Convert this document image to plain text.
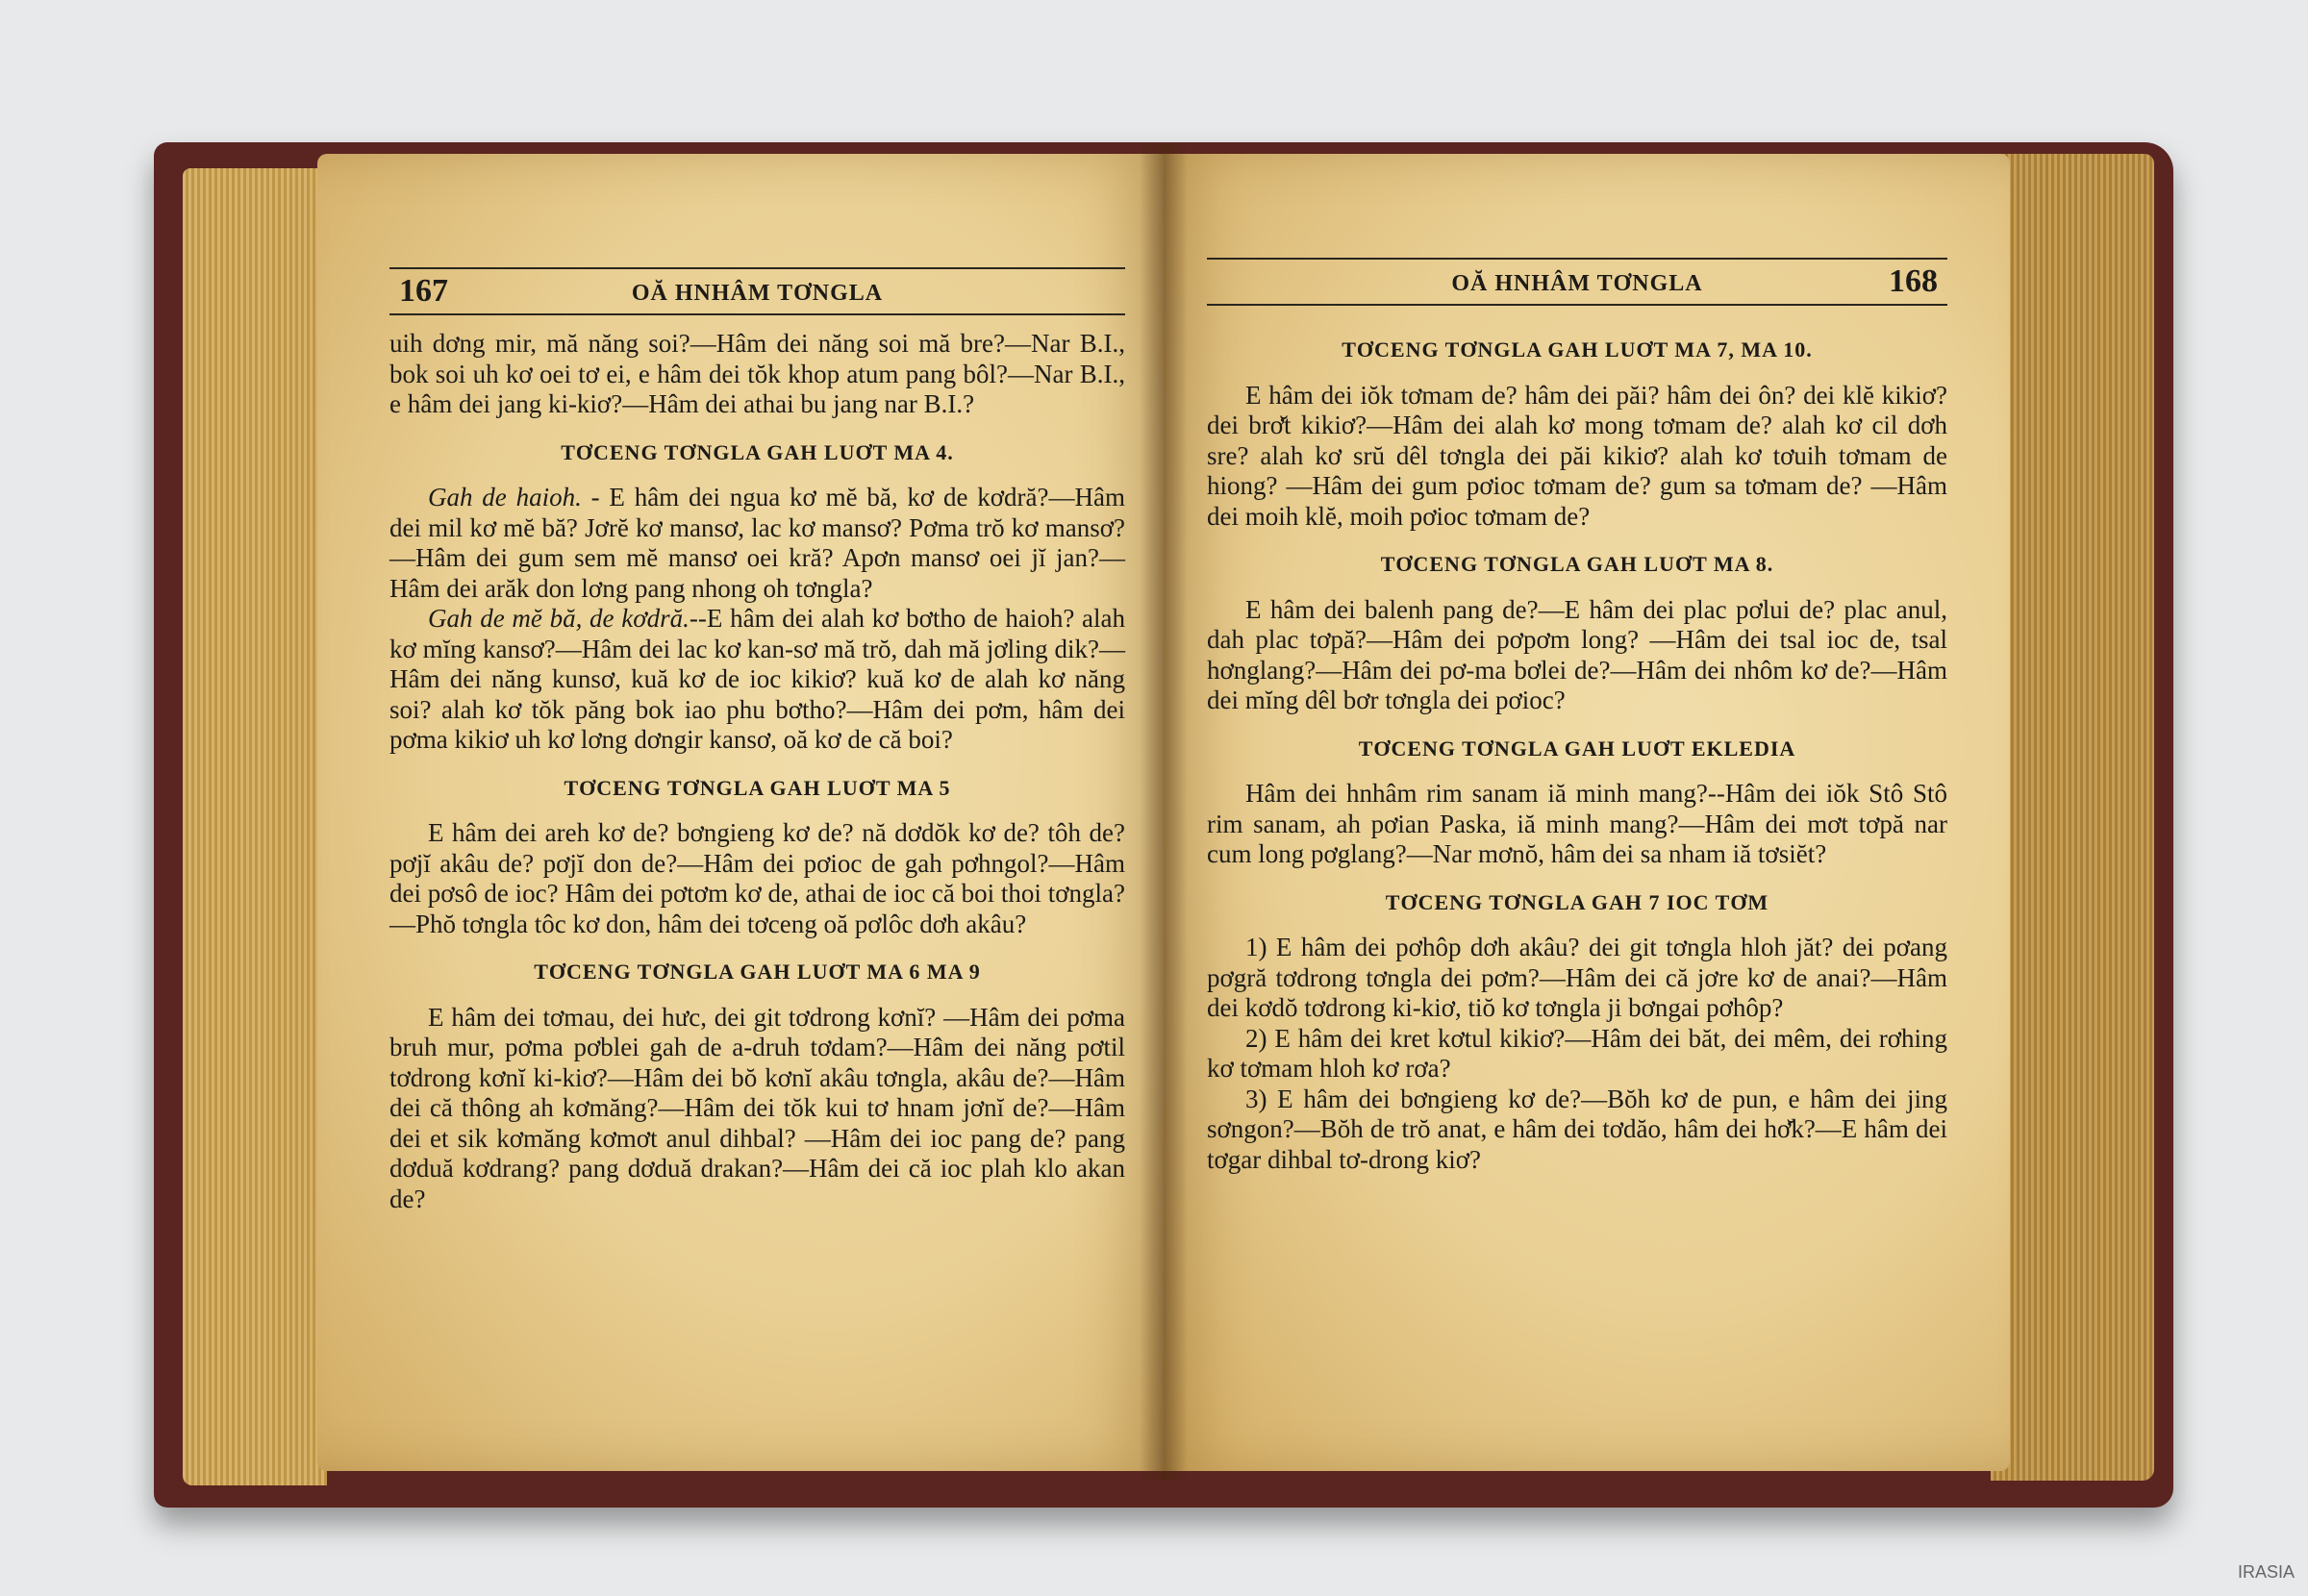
167	OĂ HNHÂM TƠNGLA

uih dơng mir, mă năng soi?—Hâm dei năng soi mă bre?—Nar B.I., bok soi uh kơ oei tơ ei, e hâm dei tŏk khop atum pang bôl?—Nar B.I., e hâm dei jang ki-kiơ?—Hâm dei athai bu jang nar B.I.?

TƠCENG TƠNGLA GAH LUƠT MA 4.

Gah de haioh. - E hâm dei ngua kơ mĕ bă, kơ de kơdră?—Hâm dei mil kơ mĕ bă? Jơrĕ kơ mansơ, lac kơ mansơ? Pơma trŏ kơ mansơ?—Hâm dei gum sem mĕ mansơ oei kră? Apơn mansơ oei jĭ jan?—Hâm dei arăk don lơng pang nhong oh tơngla?

Gah de mĕ bă, de kơdră.--E hâm dei alah kơ bơtho de haioh? alah kơ mĭng kansơ?—Hâm dei lac kơ kan-sơ mă trŏ, dah mă jơling dik?—Hâm dei năng kunsơ, kuă kơ de ioc kikiơ? kuă kơ de alah kơ năng soi? alah kơ tŏk păng bok iao phu bơtho?—Hâm dei pơm, hâm dei pơma kikiơ uh kơ lơng dơngir kansơ, oă kơ de că boi?

TƠCENG TƠNGLA GAH LUƠT MA 5

E hâm dei areh kơ de? bơngieng kơ de? nă dơdŏk kơ de? tôh de? pơjĭ akâu de? pơjĭ don de?—Hâm dei pơioc de gah pơhngol?—Hâm dei pơsô de ioc? Hâm dei pơtơm kơ de, athai de ioc că boi thoi tơngla? —Phŏ tơngla tôc kơ don, hâm dei tơceng oă pơlôc dơh akâu?

TƠCENG TƠNGLA GAH LUƠT MA 6 MA 9

E hâm dei tơmau, dei hưc, dei git tơdrong kơnĭ? —Hâm dei pơma bruh mur, pơma pơblei gah de a-druh tơdam?—Hâm dei năng pơtil tơdrong kơnĭ ki-kiơ?—Hâm dei bŏ kơnĭ akâu tơngla, akâu de?—Hâm dei că thông ah kơmăng?—Hâm dei tŏk kui tơ hnam jơnĭ de?—Hâm dei et sik kơmăng kơmơt anul dihbal? —Hâm dei ioc pang de? pang dơduă kơdrang? pang dơduă drakan?—Hâm dei că ioc plah klo akan de?

OĂ HNHÂM TƠNGLA	168
TƠCENG TƠNGLA GAH LUƠT MA 7, MA 10.

E hâm dei iŏk tơmam de? hâm dei păi? hâm dei ôn? dei klĕ kikiơ? dei brơ̆t kikiơ?—Hâm dei alah kơ mong tơmam de? alah kơ cil dơh sre? alah kơ srŭ dêl tơngla dei păi kikiơ? alah kơ tơuih tơmam de hiong? —Hâm dei gum pơioc tơmam de? gum sa tơmam de? —Hâm dei moih klĕ, moih pơioc tơmam de?

TƠCENG TƠNGLA GAH LUƠT MA 8.

E hâm dei balenh pang de?—E hâm dei plac pơlui de? plac anul, dah plac tơpă?—Hâm dei pơpơm long? —Hâm dei tsal ioc de, tsal hơnglang?—Hâm dei pơ-ma bơlei de?—Hâm dei nhôm kơ de?—Hâm dei mĭng dêl bơr tơngla dei pơioc?

TƠCENG TƠNGLA GAH LUƠT EKLEDIA

Hâm dei hnhâm rim sanam iă minh mang?--Hâm dei iŏk Stô Stô rim sanam, ah pơian Paska, iă minh mang?—Hâm dei mơt tơpă nar cum long pơglang?—Nar mơnŏ, hâm dei sa nham iă tơsiĕt?

TƠCENG TƠNGLA GAH 7 IOC TƠM

1) E hâm dei pơhôp dơh akâu? dei git tơngla hloh jăt? dei pơang pơgră tơdrong tơngla dei pơm?—Hâm dei că jơre kơ de anai?—Hâm dei kơdŏ tơdrong ki-kiơ, tiŏ kơ tơngla ji bơngai pơhôp?

2) E hâm dei kret kơtul kikiơ?—Hâm dei băt, dei mêm, dei rơhing kơ tơmam hloh kơ rơa?

3) E hâm dei bơngieng kơ de?—Bŏh kơ de pun, e hâm dei jing sơngon?—Bŏh de trŏ anat, e hâm dei tơdăo, hâm dei hơ̆k?—E hâm dei tơgar dihbal tơ-drong kiơ?

IRASIA
